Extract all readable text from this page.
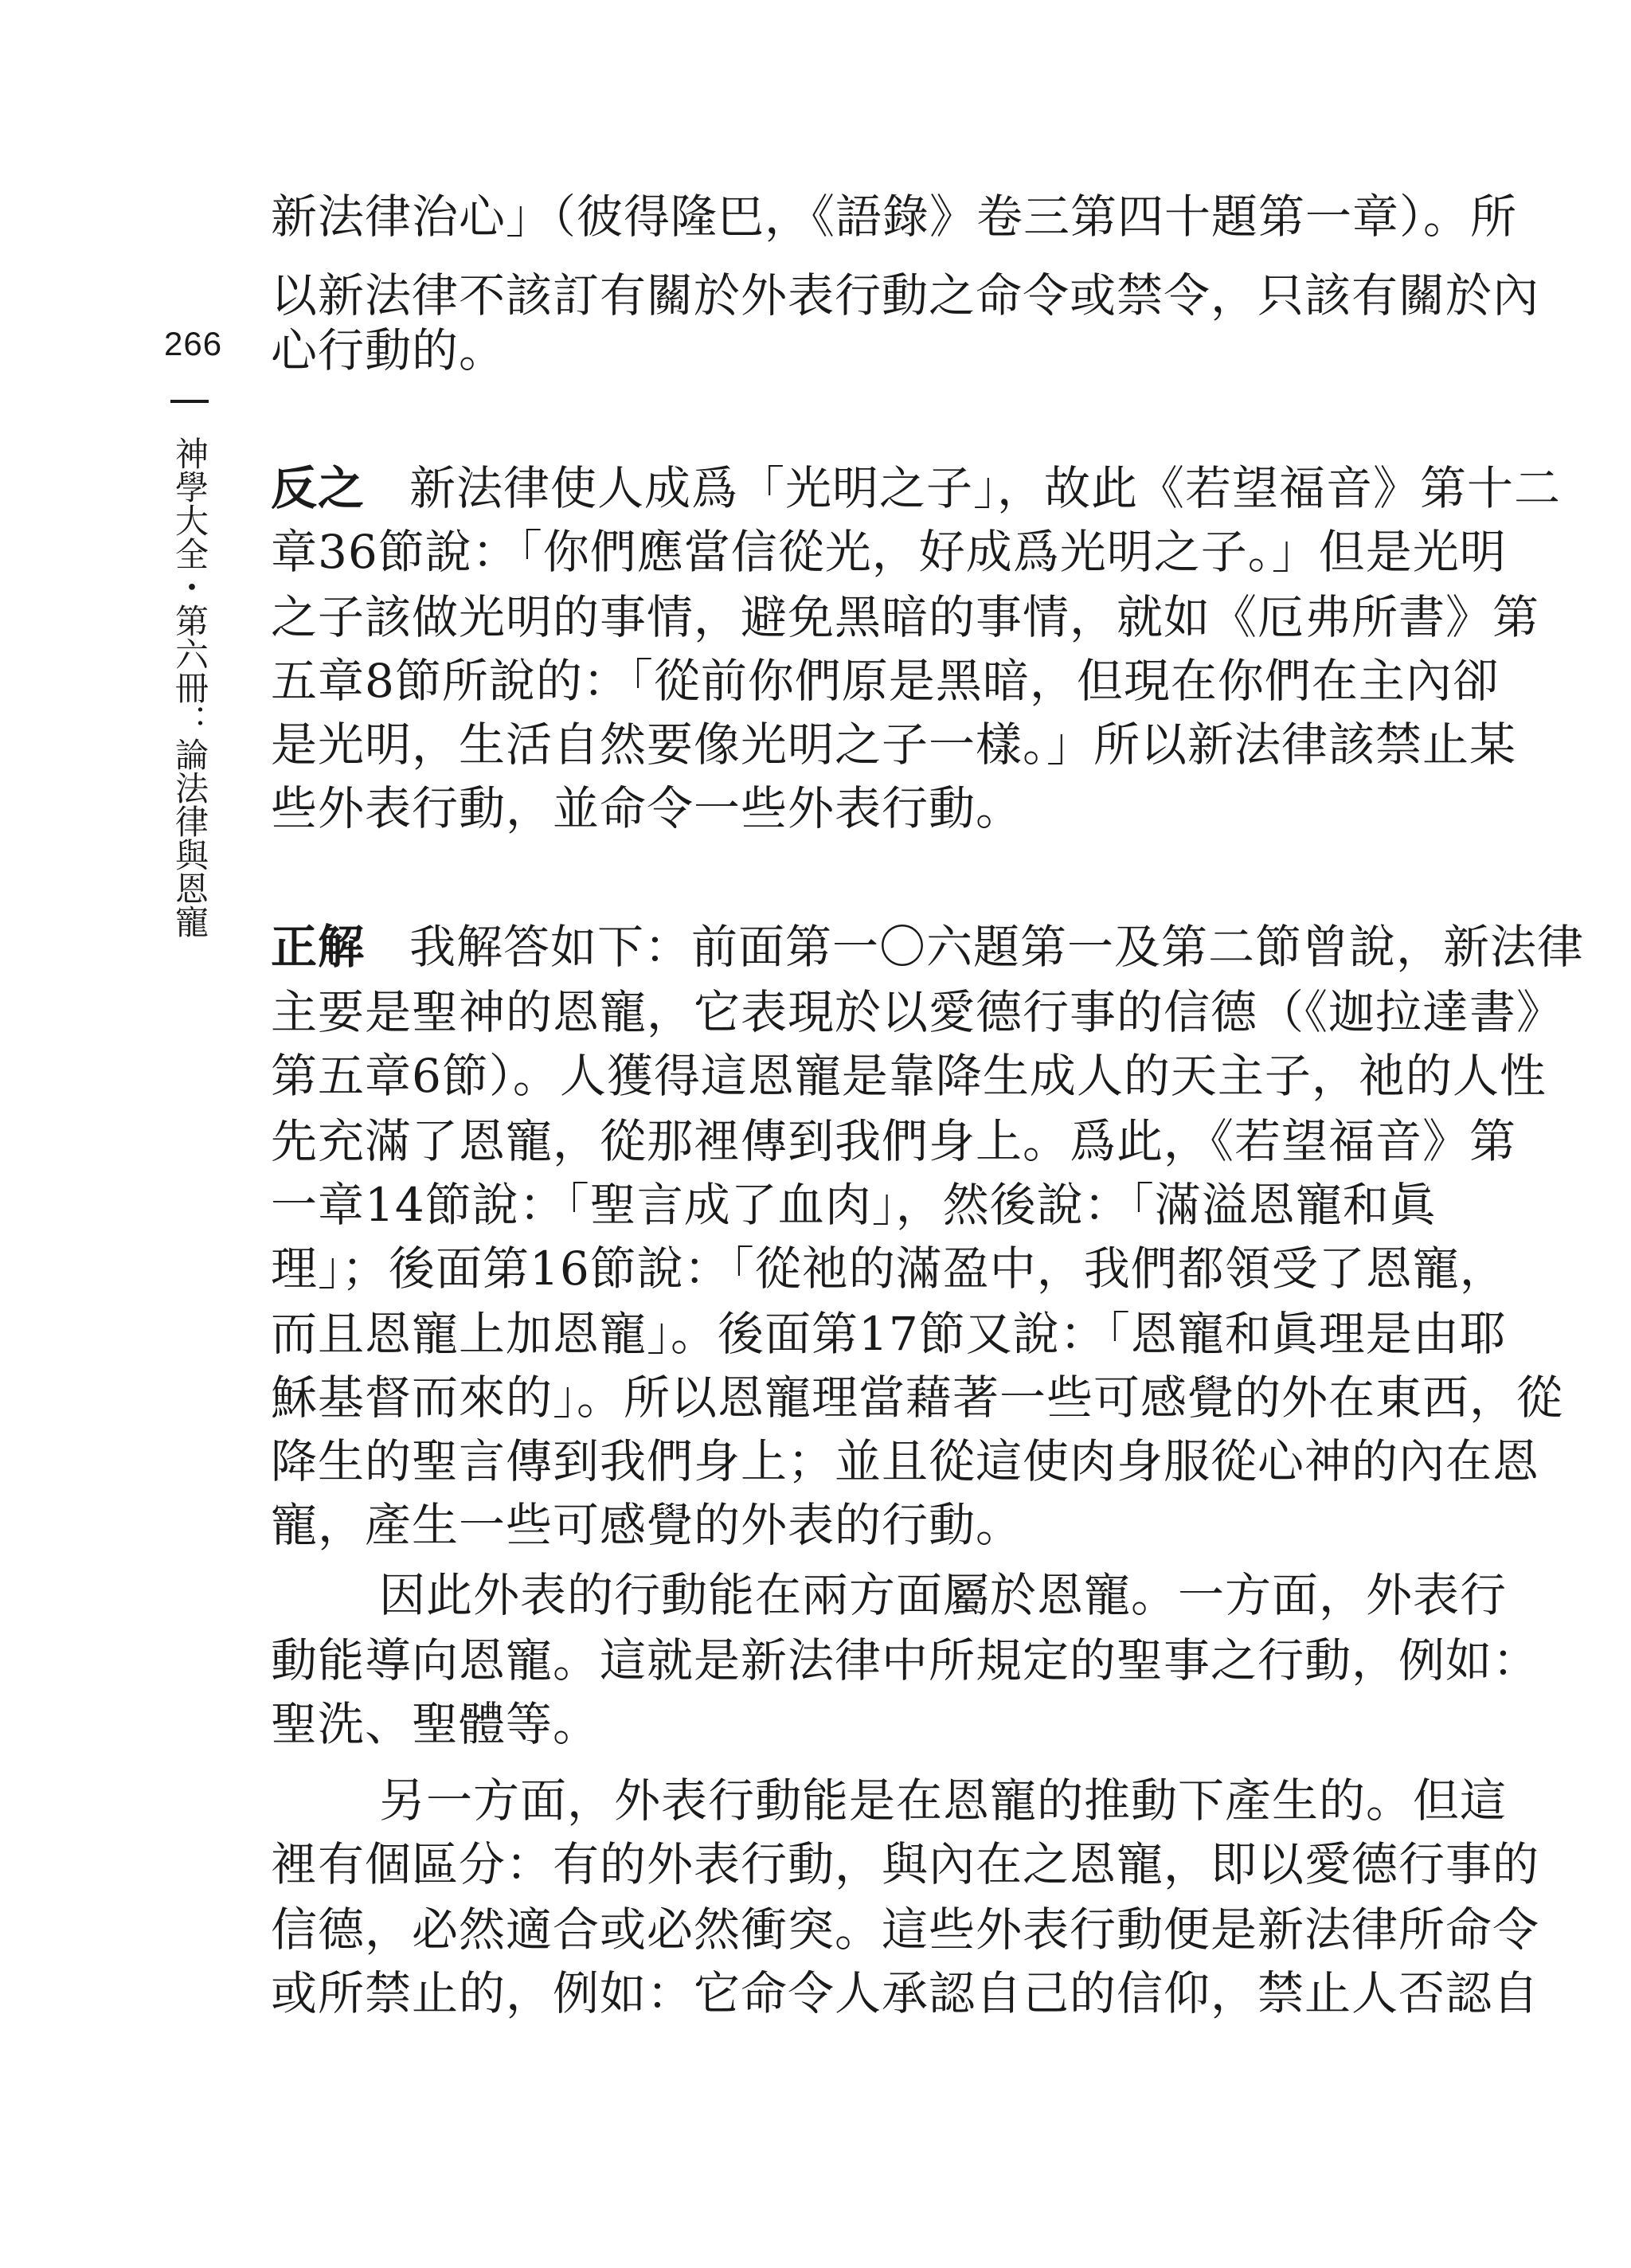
266
神學大全・第六冊：論法律與恩寵
新法律治心」（彼得隆巴，《語錄》卷三第四十題第一章）。所
以新法律不該訂有關於外表行動之命令或禁令，只該有關於內
心行動的。
反之 新法律使人成爲「光明之子」，故此《若望福音》第十二
章36節說：「你們應當信從光，好成爲光明之子。」但是光明
之子該做光明的事情，避免黑暗的事情，就如《厄弗所書》第
五章8節所說的：「從前你們原是黑暗，但現在你們在主內卻
是光明，生活自然要像光明之子一樣。」所以新法律該禁止某
些外表行動，並命令一些外表行動。
正解 我解答如下：前面第一〇六題第一及第二節曾說，新法律
主要是聖神的恩寵，它表現於以愛德行事的信德（《迦拉達書》
第五章6節）。人獲得這恩寵是靠降生成人的天主子，祂的人性
先充滿了恩寵，從那裡傳到我們身上。爲此，《若望福音》第
一章14節說：「聖言成了血肉」，然後說：「滿溢恩寵和眞
理」；後面第16節說：「從祂的滿盈中，我們都領受了恩寵，
而且恩寵上加恩寵」。後面第17節又說：「恩寵和眞理是由耶
穌基督而來的」。所以恩寵理當藉著一些可感覺的外在東西，從
降生的聖言傳到我們身上；並且從這使肉身服從心神的內在恩
寵，產生一些可感覺的外表的行動。
因此外表的行動能在兩方面屬於恩寵。一方面，外表行
動能導向恩寵。這就是新法律中所規定的聖事之行動，例如：
聖洗、聖體等。
另一方面，外表行動能是在恩寵的推動下產生的。但這
裡有個區分：有的外表行動，與內在之恩寵，即以愛德行事的
信德，必然適合或必然衝突。這些外表行動便是新法律所命令
或所禁止的，例如：它命令人承認自己的信仰，禁止人否認自
